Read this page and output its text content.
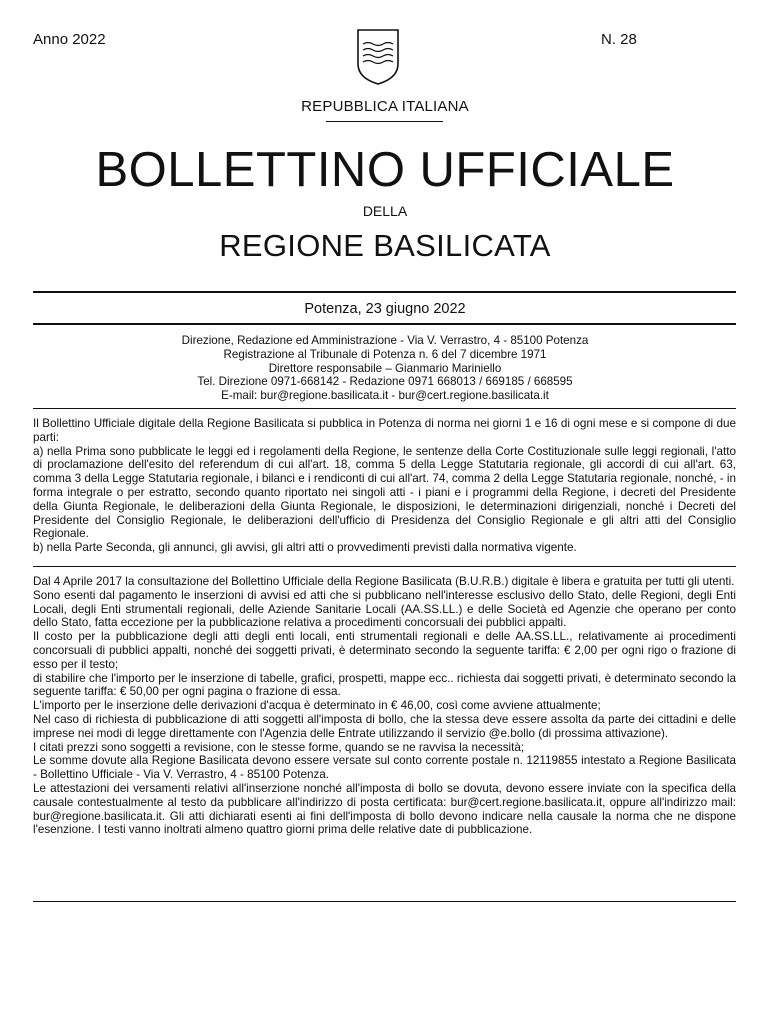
Anno 2022	N. 28
REPUBBLICA ITALIANA
BOLLETTINO UFFICIALE
DELLA
REGIONE BASILICATA
Potenza, 23 giugno 2022
Direzione, Redazione ed Amministrazione - Via V. Verrastro, 4 - 85100 Potenza
Registrazione al Tribunale di Potenza n. 6 del 7 dicembre 1971
Direttore responsabile – Gianmario Mariniello
Tel. Direzione 0971-668142 - Redazione 0971 668013 / 669185 / 668595
E-mail: bur@regione.basilicata.it - bur@cert.regione.basilicata.it

Il Bollettino Ufficiale digitale della Regione Basilicata si pubblica in Potenza di norma nei giorni 1 e 16 di ogni mese e si compone di due parti:

a) nella Prima sono pubblicate le leggi ed i regolamenti della Regione, le sentenze della Corte Costituzionale sulle leggi regionali, l'atto di proclamazione dell'esito del referendum di cui all'art. 18, comma 5 della Legge Statutaria regionale, gli accordi di cui all'art. 63, comma 3 della Legge Statutaria regionale, i bilanci e i rendiconti di cui all'art. 74, comma 2 della Legge Statutaria regionale, nonché, - in forma integrale o per estratto, secondo quanto riportato nei singoli atti - i piani e i programmi della Regione, i decreti del Presidente della Giunta Regionale, le deliberazioni della Giunta Regionale, le disposizioni, le determinazioni dirigenziali, nonché i Decreti del Presidente del Consiglio Regionale, le deliberazioni dell'ufficio di Presidenza del Consiglio Regionale e gli altri atti del Consiglio Regionale.

b) nella Parte Seconda, gli annunci, gli avvisi, gli altri atti o provvedimenti previsti dalla normativa vigente.

Dal 4 Aprile 2017 la consultazione del Bollettino Ufficiale della Regione Basilicata (B.U.R.B.) digitale è libera e gratuita per tutti gli utenti.

Sono esenti dal pagamento le inserzioni di avvisi ed atti che si pubblicano nell'interesse esclusivo dello Stato, delle Regioni, degli Enti Locali, degli Enti strumentali regionali, delle Aziende Sanitarie Locali (AA.SS.LL.) e delle Società ed Agenzie che operano per conto dello Stato, fatta eccezione per la pubblicazione relativa a procedimenti concorsuali dei pubblici appalti.

Il costo per la pubblicazione degli atti degli enti locali, enti strumentali regionali e delle AA.SS.LL., relativamente ai procedimenti concorsuali di pubblici appalti, nonché dei soggetti privati, è determinato secondo la seguente tariffa: € 2,00 per ogni rigo o frazione di esso per il testo;

di stabilire che l'importo per le inserzione di tabelle, grafici, prospetti, mappe ecc.. richiesta dai soggetti privati, è determinato secondo la seguente tariffa: € 50,00 per ogni pagina o frazione di essa.

L'importo per le inserzione delle derivazioni d'acqua è determinato in € 46,00, così come avviene attualmente;

Nel caso di richiesta di pubblicazione di atti soggetti all'imposta di bollo, che la stessa deve essere assolta da parte dei cittadini e delle imprese nei modi di legge direttamente con l'Agenzia delle Entrate utilizzando il servizio @e.bollo (di prossima attivazione).

I citati prezzi sono soggetti a revisione, con le stesse forme, quando se ne ravvisa la necessità;

Le somme dovute alla Regione Basilicata devono essere versate sul conto corrente postale n. 12119855 intestato a Regione Basilicata - Bollettino Ufficiale - Via V. Verrastro, 4 - 85100 Potenza.

Le attestazioni dei versamenti relativi all'inserzione nonché all'imposta di bollo se dovuta, devono essere inviate con la specifica della causale contestualmente al testo da pubblicare all'indirizzo di posta certificata: bur@cert.regione.basilicata.it, oppure all'indirizzo mail: bur@regione.basilicata.it. Gli atti dichiarati esenti ai fini dell'imposta di bollo devono indicare nella causale la norma che ne dispone l'esenzione. I testi vanno inoltrati almeno quattro giorni prima delle relative date di pubblicazione.
